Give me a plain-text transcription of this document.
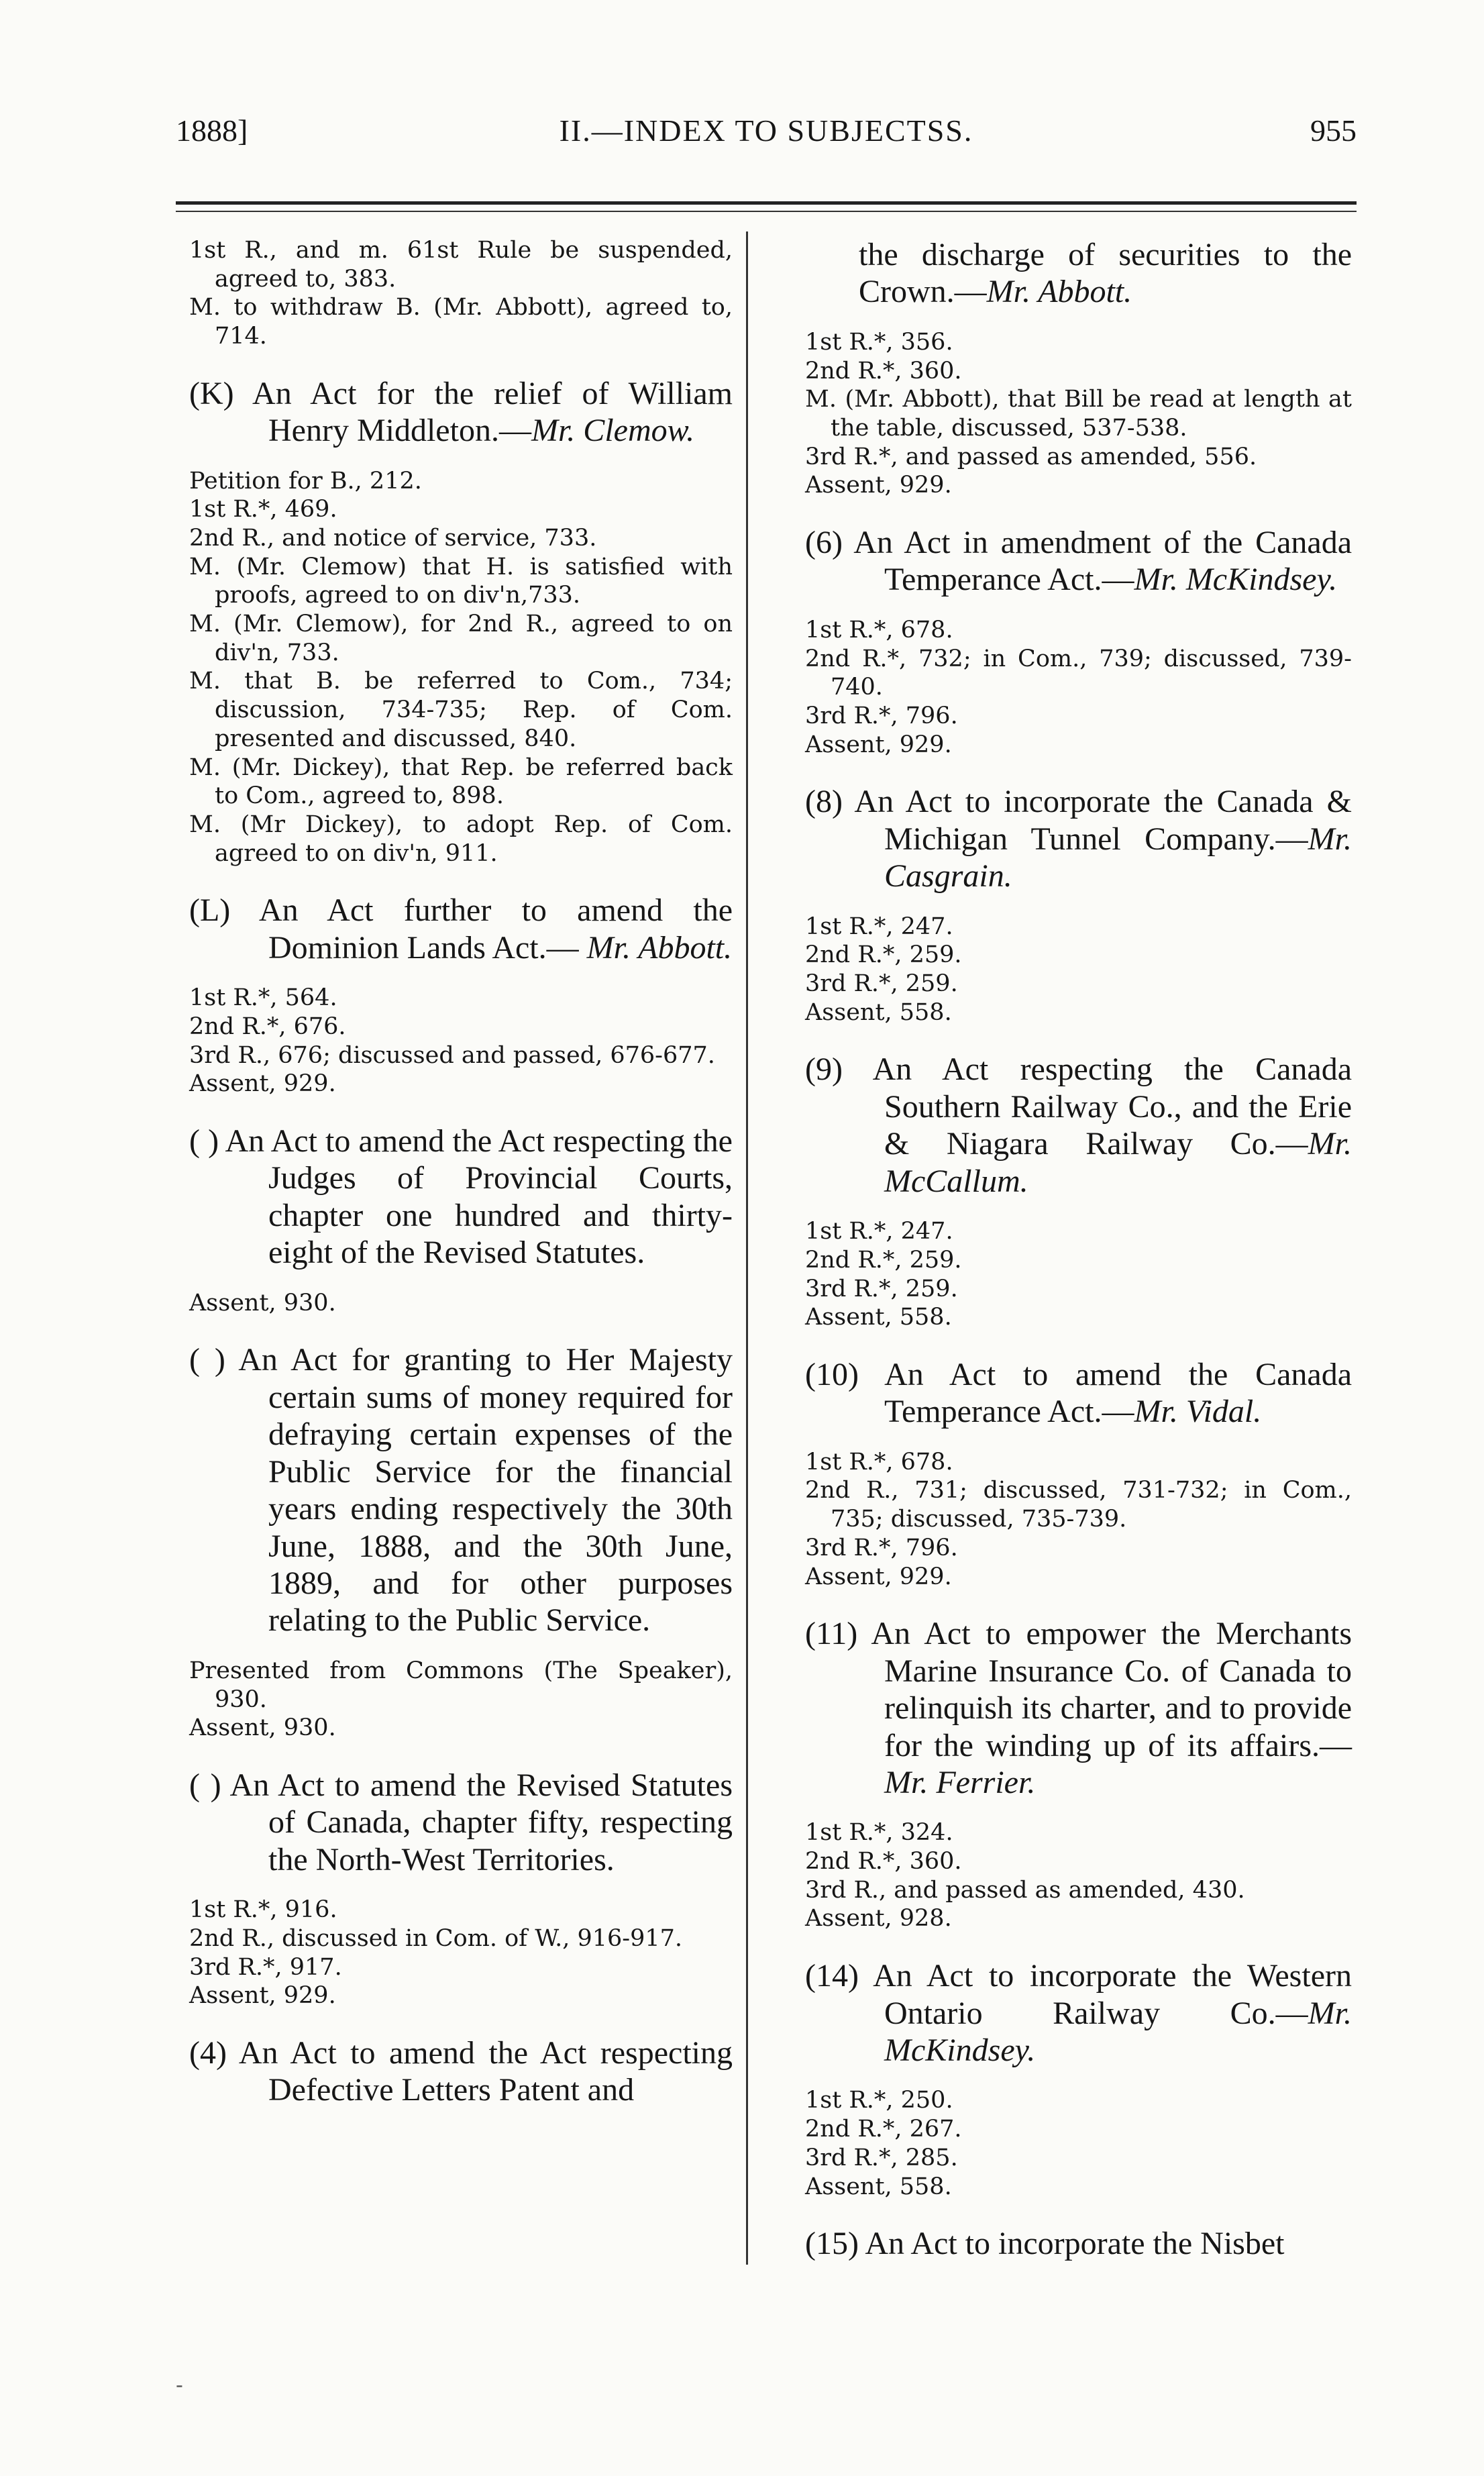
1888]	II.—INDEX TO SUBJECTSS.	955

1st R., and m. 61st Rule be suspended, agreed to, 383.

M. to withdraw B. (Mr. Abbott), agreed to, 714.

(K) An Act for the relief of William Henry Middleton.—Mr. Clemow.

Petition for B., 212.

1st R.*, 469.

2nd R., and notice of service, 733.

M. (Mr. Clemow) that H. is satisfied with proofs, agreed to on div'n,733.

M. (Mr. Clemow), for 2nd R., agreed to on div'n, 733.

M. that B. be referred to Com., 734; discussion, 734-735; Rep. of Com. presented and discussed, 840.

M. (Mr. Dickey), that Rep. be referred back to Com., agreed to, 898.

M. (Mr Dickey), to adopt Rep. of Com. agreed to on div'n, 911.

(L) An Act further to amend the Dominion Lands Act.— Mr. Abbott.

1st R.*, 564.

2nd R.*, 676.

3rd R., 676; discussed and passed, 676-677.

Assent, 929.

( ) An Act to amend the Act respecting the Judges of Provincial Courts, chapter one hundred and thirty-eight of the Revised Statutes.

Assent, 930.

( ) An Act for granting to Her Majesty certain sums of money required for defraying certain expenses of the Public Service for the financial years ending respectively the 30th June, 1888, and the 30th June, 1889, and for other purposes relating to the Public Service.

Presented from Commons (The Speaker), 930.

Assent, 930.

( ) An Act to amend the Revised Statutes of Canada, chapter fifty, respecting the North-West Territories.

1st R.*, 916.

2nd R., discussed in Com. of W., 916-917.

3rd R.*, 917.

Assent, 929.

(4) An Act to amend the Act respecting Defective Letters Patent and
the discharge of securities to the Crown.—Mr. Abbott.

1st R.*, 356.

2nd R.*, 360.

M. (Mr. Abbott), that Bill be read at length at the table, discussed, 537-538.

3rd R.*, and passed as amended, 556.

Assent, 929.

(6) An Act in amendment of the Canada Temperance Act.—Mr. McKindsey.

1st R.*, 678.

2nd R.*, 732; in Com., 739; discussed, 739-740.

3rd R.*, 796.

Assent, 929.

(8) An Act to incorporate the Canada & Michigan Tunnel Company.—Mr. Casgrain.

1st R.*, 247.

2nd R.*, 259.

3rd R.*, 259.

Assent, 558.

(9) An Act respecting the Canada Southern Railway Co., and the Erie & Niagara Railway Co.—Mr. McCallum.

1st R.*, 247.

2nd R.*, 259.

3rd R.*, 259.

Assent, 558.

(10) An Act to amend the Canada Temperance Act.—Mr. Vidal.

1st R.*, 678.

2nd R., 731; discussed, 731-732; in Com., 735; discussed, 735-739.

3rd R.*, 796.

Assent, 929.

(11) An Act to empower the Merchants Marine Insurance Co. of Canada to relinquish its charter, and to provide for the winding up of its affairs.—Mr. Ferrier.

1st R.*, 324.

2nd R.*, 360.

3rd R., and passed as amended, 430.

Assent, 928.

(14) An Act to incorporate the Western Ontario Railway Co.—Mr. McKindsey.

1st R.*, 250.

2nd R.*, 267.

3rd R.*, 285.

Assent, 558.

(15) An Act to incorporate the Nisbet
-
